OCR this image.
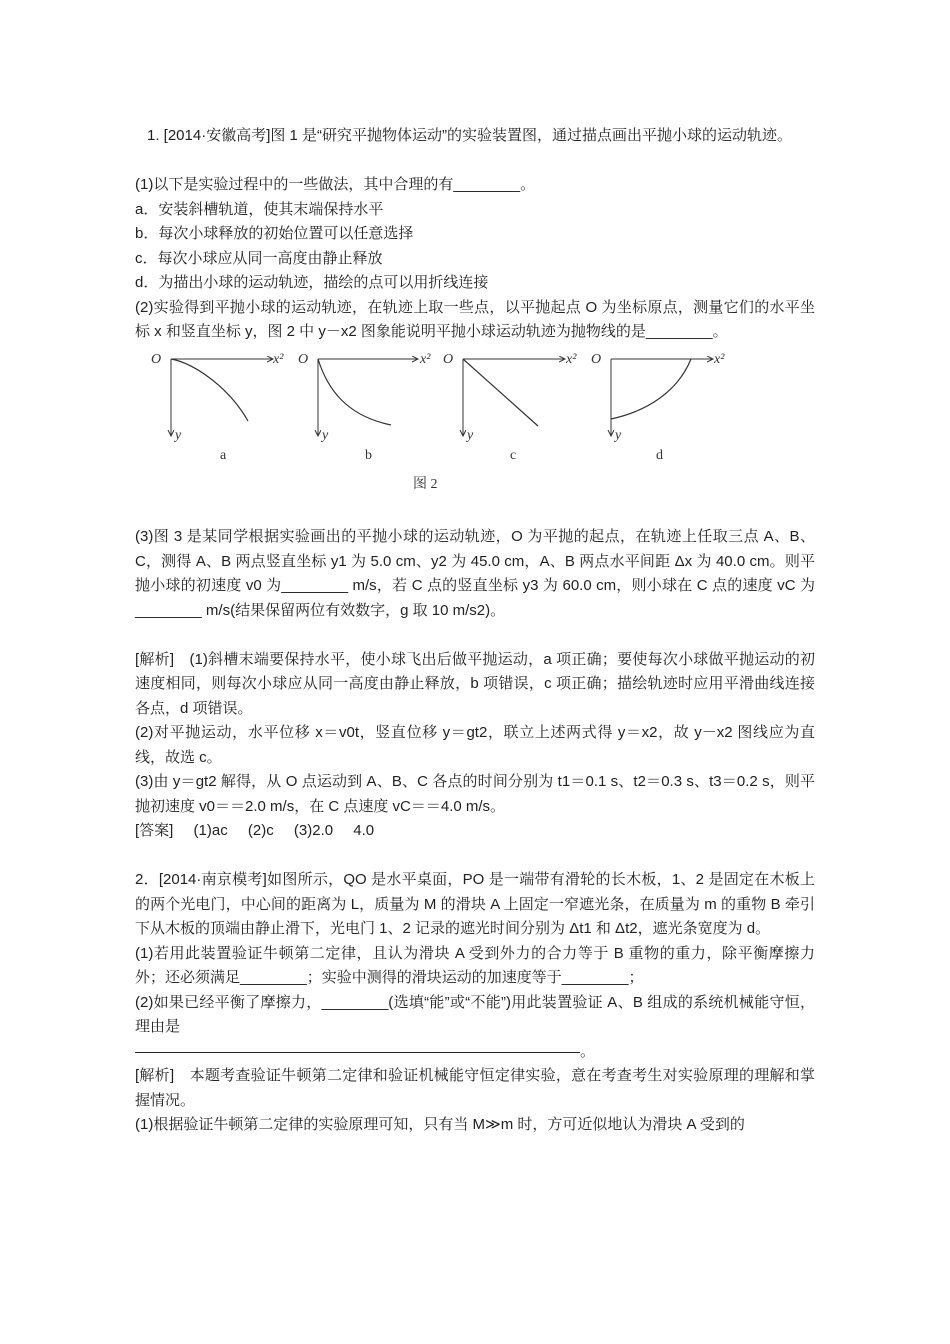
1. [2014·安徽高考]图 1 是“研究平抛物体运动”的实验装置图，通过描点画出平抛小球的运动轨迹。

(1)以下是实验过程中的一些做法，其中合理的有________。

a．安装斜槽轨道，使其末端保持水平

b．每次小球释放的初始位置可以任意选择

c．每次小球应从同一高度由静止释放

d．为描出小球的运动轨迹，描绘的点可以用折线连接

(2)实验得到平抛小球的运动轨迹，在轨迹上取一些点，以平抛起点 O 为坐标原点，测量它们的水平坐标 x 和竖直坐标 y，图 2 中 y－x2 图象能说明平抛小球运动轨迹为抛物线的是________。

O	x²
y
a
O	x²
y
b
O	x²
y
c
O	x²
y
d
图 2

(3)图 3 是某同学根据实验画出的平抛小球的运动轨迹，O 为平抛的起点，在轨迹上任取三点 A、B、C，测得 A、B 两点竖直坐标 y1 为 5.0 cm、y2 为 45.0 cm，A、B 两点水平间距 Δx 为 40.0 cm。则平抛小球的初速度 v0 为________ m/s，若 C 点的竖直坐标 y3 为 60.0 cm，则小球在 C 点的速度 vC 为________ m/s(结果保留两位有效数字，g 取 10 m/s2)。

[解析]　(1)斜槽末端要保持水平，使小球飞出后做平抛运动，a 项正确；要使每次小球做平抛运动的初速度相同，则每次小球应从同一高度由静止释放，b 项错误，c 项正确；描绘轨迹时应用平滑曲线连接各点，d 项错误。

(2)对平抛运动，水平位移 x＝v0t，竖直位移 y＝gt2，联立上述两式得 y＝x2，故 y－x2 图线应为直线，故选 c。

(3)由 y＝gt2 解得，从 O 点运动到 A、B、C 各点的时间分别为 t1＝0.1 s、t2＝0.3 s、t3＝0.2 s，则平抛初速度 v0＝＝2.0 m/s，在 C 点速度 vC＝＝4.0 m/s。

[答案] (1)ac (2)c (3)2.0 4.0

2．[2014·南京模考]如图所示，QO 是水平桌面，PO 是一端带有滑轮的长木板，1、2 是固定在木板上的两个光电门，中心间的距离为 L，质量为 M 的滑块 A 上固定一窄遮光条，在质量为 m 的重物 B 牵引下从木板的顶端由静止滑下，光电门 1、2 记录的遮光时间分别为 Δt1 和 Δt2，遮光条宽度为 d。

(1)若用此装置验证牛顿第二定律，且认为滑块 A 受到外力的合力等于 B 重物的重力，除平衡摩擦力外；还必须满足________；实验中测得的滑块运动的加速度等于________；

(2)如果已经平衡了摩擦力，________(选填“能”或“不能”)用此装置验证 A、B 组成的系统机械能守恒，理由是

。

[解析]　本题考查验证牛顿第二定律和验证机械能守恒定律实验，意在考查考生对实验原理的理解和掌握情况。

(1)根据验证牛顿第二定律的实验原理可知，只有当 M≫m 时，方可近似地认为滑块 A 受到的
